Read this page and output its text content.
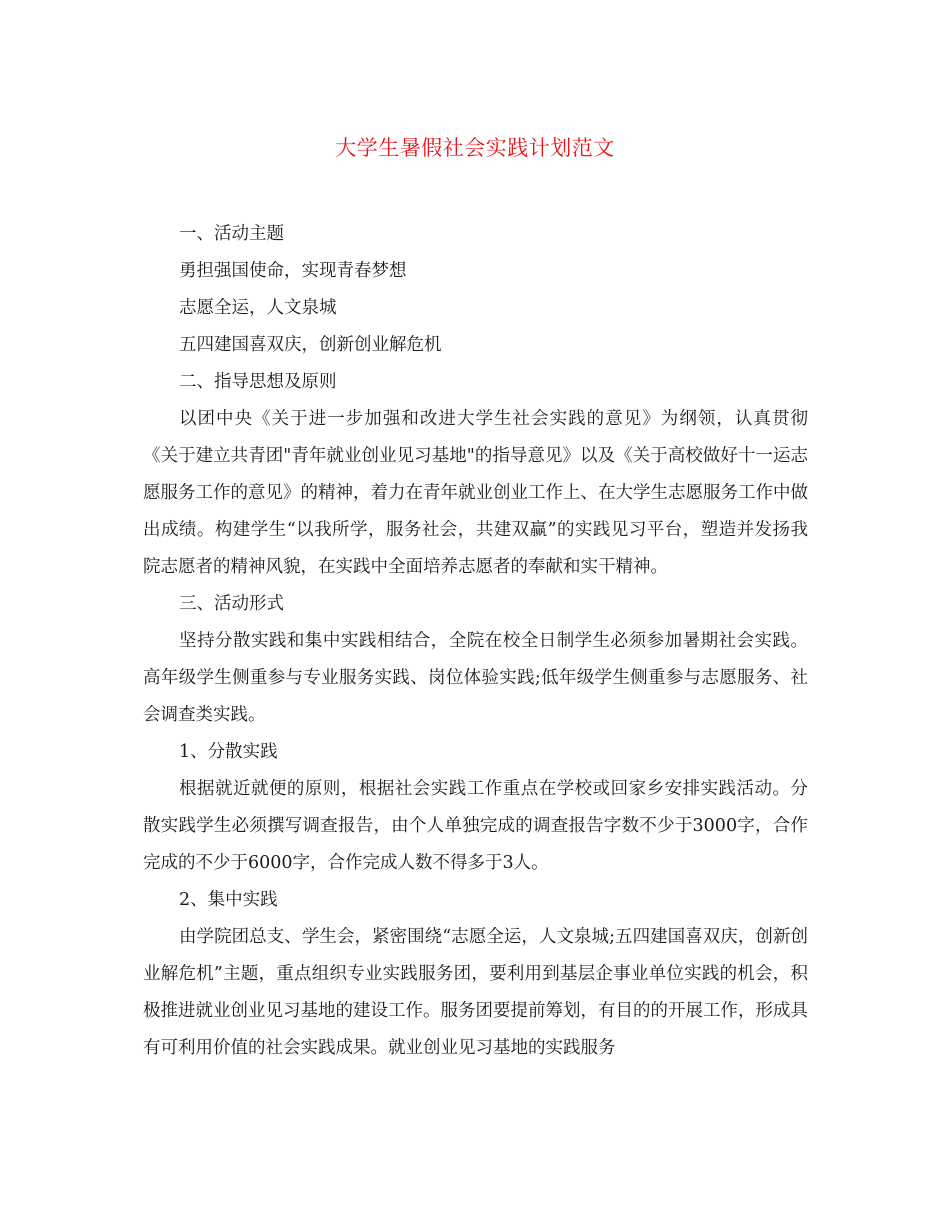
大学生暑假社会实践计划范文

一、活动主题

勇担强国使命，实现青春梦想

志愿全运，人文泉城

五四建国喜双庆，创新创业解危机

二、指导思想及原则

以团中央《关于进一步加强和改进大学生社会实践的意见》为纲领，认真贯彻《关于建立共青团"青年就业创业见习基地"的指导意见》以及《关于高校做好十一运志愿服务工作的意见》的精神，着力在青年就业创业工作上、在大学生志愿服务工作中做出成绩。构建学生“以我所学，服务社会，共建双赢”的实践见习平台，塑造并发扬我院志愿者的精神风貌，在实践中全面培养志愿者的奉献和实干精神。

三、活动形式

坚持分散实践和集中实践相结合，全院在校全日制学生必须参加暑期社会实践。高年级学生侧重参与专业服务实践、岗位体验实践;低年级学生侧重参与志愿服务、社会调查类实践。

1、分散实践

根据就近就便的原则，根据社会实践工作重点在学校或回家乡安排实践活动。分散实践学生必须撰写调查报告，由个人单独完成的调查报告字数不少于3000字，合作完成的不少于6000字，合作完成人数不得多于3人。

2、集中实践

由学院团总支、学生会，紧密围绕“志愿全运，人文泉城;五四建国喜双庆，创新创业解危机”主题，重点组织专业实践服务团，要利用到基层企事业单位实践的机会，积极推进就业创业见习基地的建设工作。服务团要提前筹划，有目的的开展工作，形成具有可利用价值的社会实践成果。就业创业见习基地的实践服务
